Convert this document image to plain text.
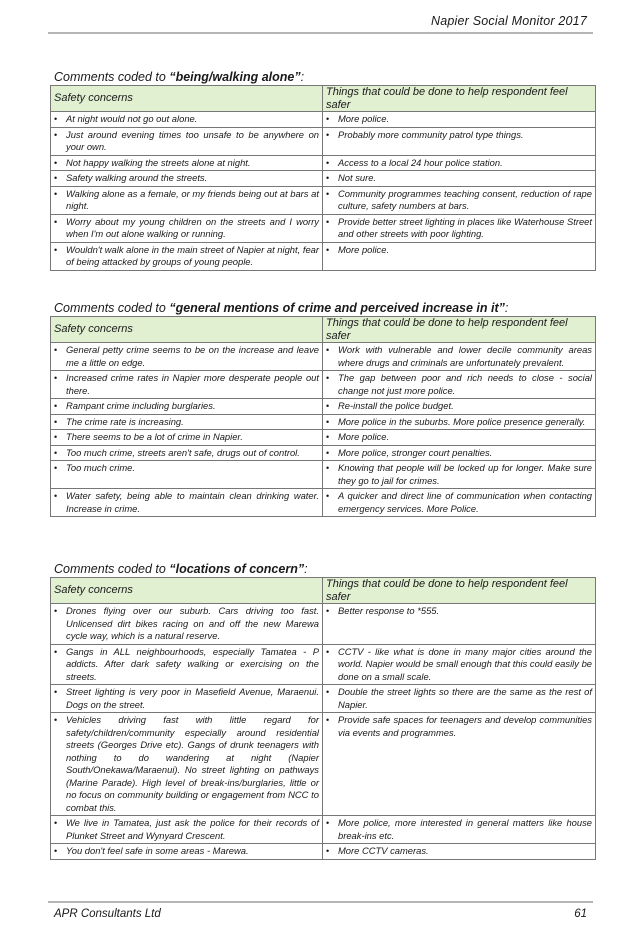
Napier Social Monitor 2017
Comments coded to “being/walking alone”:
Safety concerns	Things that could be done to help respondent feel safer

• At night would not go out alone.	• More police.

• Just around evening times too unsafe to be anywhere on your own.	• Probably more community patrol type things.

• Not happy walking the streets alone at night.	• Access to a local 24 hour police station.

• Safety walking around the streets.	• Not sure.

• Walking alone as a female, or my friends being out at bars at night.	• Community programmes teaching consent, reduction of rape culture, safety numbers at bars.

• Worry about my young children on the streets and I worry when I'm out alone walking or running.	• Provide better street lighting in places like Waterhouse Street and other streets with poor lighting.

• Wouldn't walk alone in the main street of Napier at night, fear of being attacked by groups of young people.	• More police.
Comments coded to “general mentions of crime and perceived increase in it”:
Safety concerns	Things that could be done to help respondent feel safer

• General petty crime seems to be on the increase and leave me a little on edge.	• Work with vulnerable and lower decile community areas where drugs and criminals are unfortunately prevalent.

• Increased crime rates in Napier more desperate people out there.	• The gap between poor and rich needs to close - social change not just more police.

• Rampant crime including burglaries.	• Re-install the police budget.

• The crime rate is increasing.	• More police in the suburbs. More police presence generally.

• There seems to be a lot of crime in Napier.	• More police.

• Too much crime, streets aren't safe, drugs out of control.	• More police, stronger court penalties.

• Too much crime.	• Knowing that people will be locked up for longer. Make sure they go to jail for crimes.

• Water safety, being able to maintain clean drinking water. Increase in crime.	• A quicker and direct line of communication when contacting emergency services. More Police.
Comments coded to “locations of concern”:
Safety concerns	Things that could be done to help respondent feel safer

• Drones flying over our suburb. Cars driving too fast. Unlicensed dirt bikes racing on and off the new Marewa cycle way, which is a natural reserve.	• Better response to *555.

• Gangs in ALL neighbourhoods, especially Tamatea - P addicts. After dark safety walking or exercising on the streets.	• CCTV - like what is done in many major cities around the world. Napier would be small enough that this could easily be done on a small scale.

• Street lighting is very poor in Masefield Avenue, Maraenui. Dogs on the street.	• Double the street lights so there are the same as the rest of Napier.

• Vehicles driving fast with little regard for safety/children/community especially around residential streets (Georges Drive etc). Gangs of drunk teenagers with nothing to do wandering at night (Napier South/Onekawa/Maraenui). No street lighting on pathways (Marine Parade). High level of break-ins/burglaries, little or no focus on community building or engagement from NCC to combat this.	• Provide safe spaces for teenagers and develop communities via events and programmes.

• We live in Tamatea, just ask the police for their records of Plunket Street and Wynyard Crescent.	• More police, more interested in general matters like house break-ins etc.

• You don't feel safe in some areas - Marewa.	• More CCTV cameras.
APR Consultants Ltd	61
